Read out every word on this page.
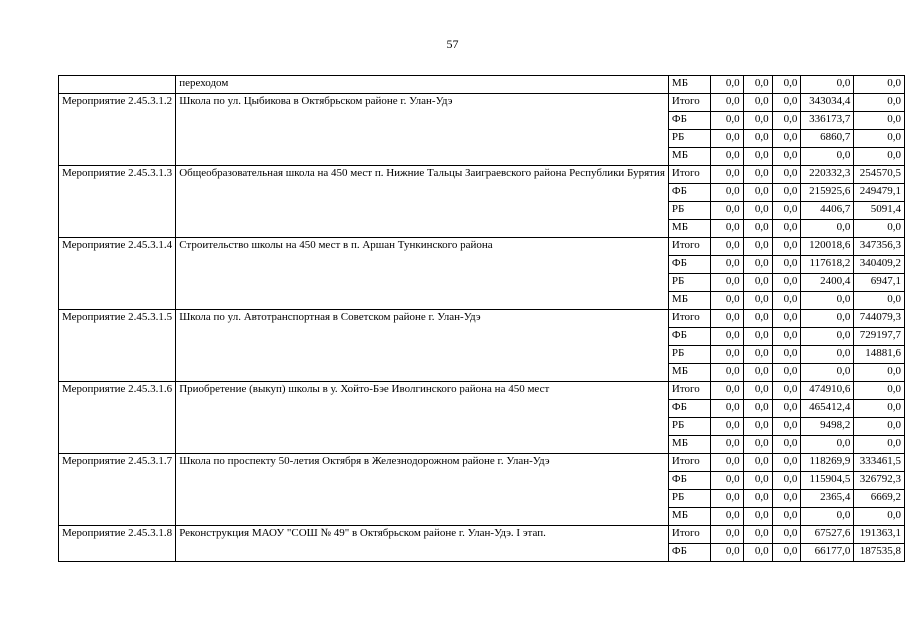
57
	переходом	МБ	0,0	0,0	0,0	0,0	0,0
Мероприятие 2.45.3.1.2	Школа по ул. Цыбикова в Октябрьском районе г. Улан-Удэ	Итого	0,0	0,0	0,0	343034,4	0,0
		ФБ	0,0	0,0	0,0	336173,7	0,0
		РБ	0,0	0,0	0,0	6860,7	0,0
		МБ	0,0	0,0	0,0	0,0	0,0
Мероприятие 2.45.3.1.3	Общеобразовательная школа на 450 мест п. Нижние Тальцы Заиграевского района Республики Бурятия	Итого	0,0	0,0	0,0	220332,3	254570,5
		ФБ	0,0	0,0	0,0	215925,6	249479,1
		РБ	0,0	0,0	0,0	4406,7	5091,4
		МБ	0,0	0,0	0,0	0,0	0,0
Мероприятие 2.45.3.1.4	Строительство школы на 450 мест в п. Аршан Тункинского района	Итого	0,0	0,0	0,0	120018,6	347356,3
		ФБ	0,0	0,0	0,0	117618,2	340409,2
		РБ	0,0	0,0	0,0	2400,4	6947,1
		МБ	0,0	0,0	0,0	0,0	0,0
Мероприятие 2.45.3.1.5	Школа по ул. Автотранспортная в Советском районе г. Улан-Удэ	Итого	0,0	0,0	0,0	0,0	744079,3
		ФБ	0,0	0,0	0,0	0,0	729197,7
		РБ	0,0	0,0	0,0	0,0	14881,6
		МБ	0,0	0,0	0,0	0,0	0,0
Мероприятие 2.45.3.1.6	Приобретение (выкуп) школы в у. Хойто-Бэе Иволгинского района на 450 мест	Итого	0,0	0,0	0,0	474910,6	0,0
		ФБ	0,0	0,0	0,0	465412,4	0,0
		РБ	0,0	0,0	0,0	9498,2	0,0
		МБ	0,0	0,0	0,0	0,0	0,0
Мероприятие 2.45.3.1.7	Школа по проспекту 50-летия Октября в Железнодорожном районе г. Улан-Удэ	Итого	0,0	0,0	0,0	118269,9	333461,5
		ФБ	0,0	0,0	0,0	115904,5	326792,3
		РБ	0,0	0,0	0,0	2365,4	6669,2
		МБ	0,0	0,0	0,0	0,0	0,0
Мероприятие 2.45.3.1.8	Реконструкция МАОУ "СОШ № 49" в Октябрьском районе г. Улан-Удэ. I этап.	Итого	0,0	0,0	0,0	67527,6	191363,1
		ФБ	0,0	0,0	0,0	66177,0	187535,8
